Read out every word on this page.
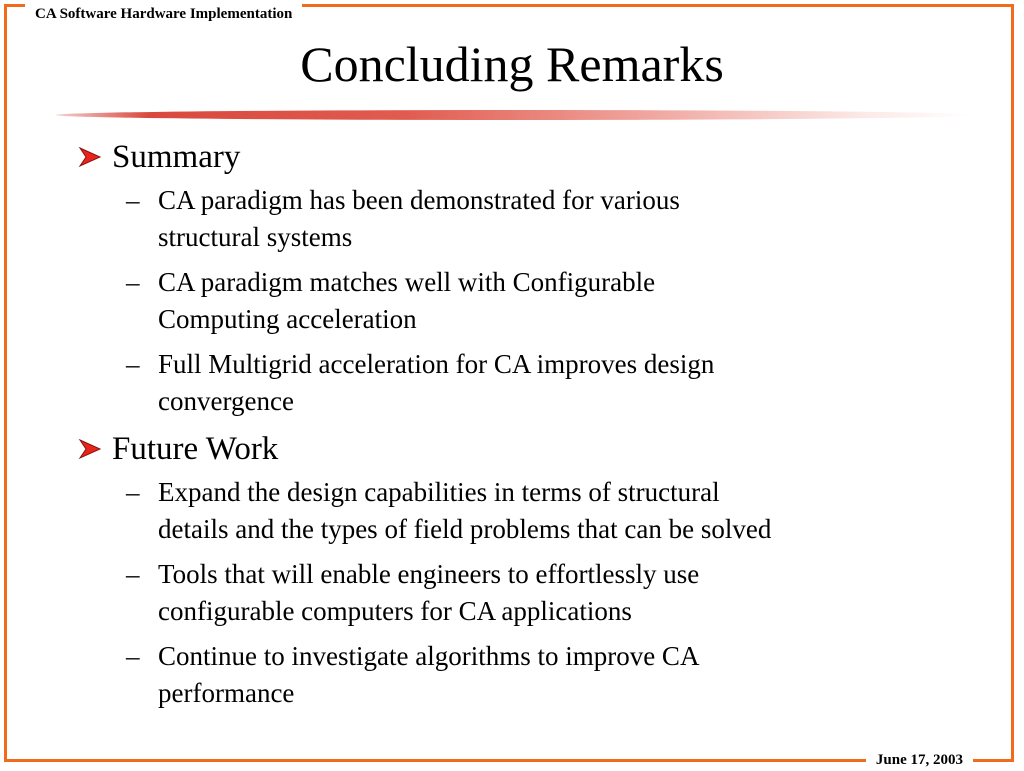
CA Software Hardware Implementation
June 17, 2003
Concluding Remarks
Summary
– CA paradigm has been demonstrated for various
structural systems
– CA paradigm matches well with Configurable
Computing acceleration
– Full Multigrid acceleration for CA improves design
convergence
Future Work
– Expand the design capabilities in terms of structural
details and the types of field problems that can be solved
– Tools that will enable engineers to effortlessly use
configurable computers for CA applications
– Continue to investigate algorithms to improve CA
performance
